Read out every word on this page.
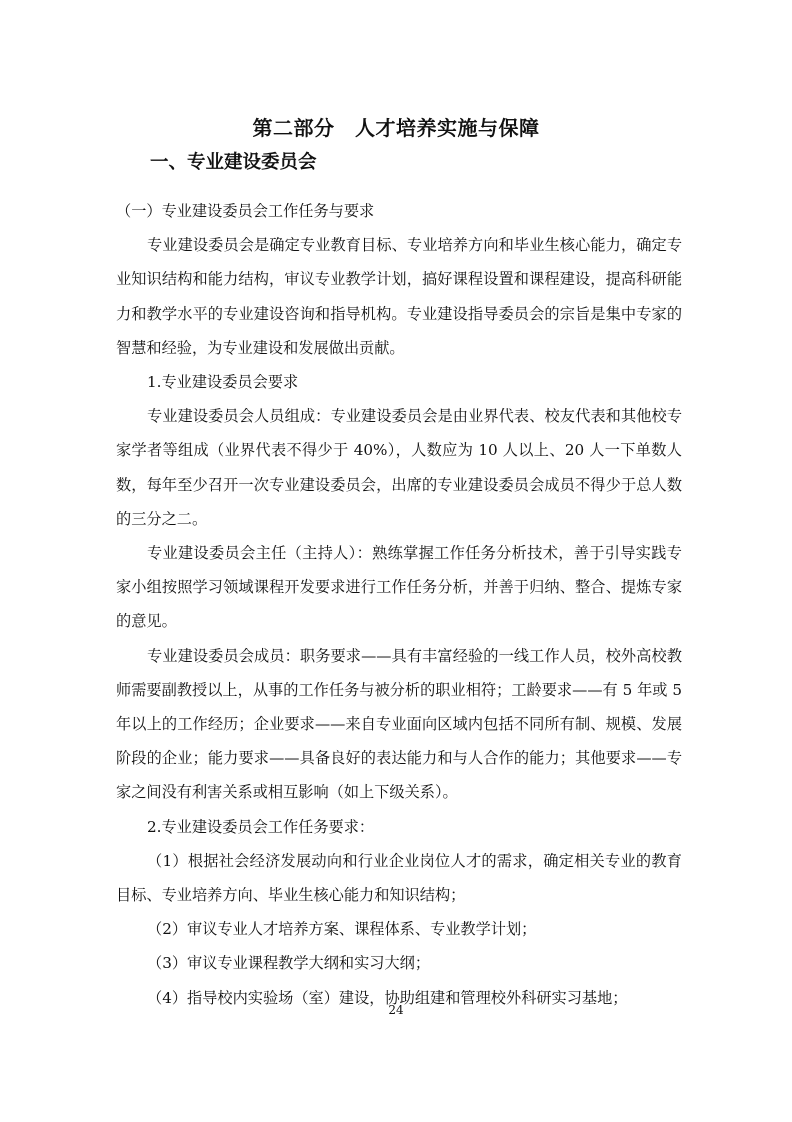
第二部分　人才培养实施与保障
一、专业建设委员会

（一）专业建设委员会工作任务与要求

专业建设委员会是确定专业教育目标、专业培养方向和毕业生核心能力，确定专业知识结构和能力结构，审议专业教学计划，搞好课程设置和课程建设，提高科研能力和教学水平的专业建设咨询和指导机构。专业建设指导委员会的宗旨是集中专家的智慧和经验，为专业建设和发展做出贡献。

1.专业建设委员会要求

专业建设委员会人员组成：专业建设委员会是由业界代表、校友代表和其他校专家学者等组成（业界代表不得少于 40%），人数应为 10 人以上、20 人一下单数人数，每年至少召开一次专业建设委员会，出席的专业建设委员会成员不得少于总人数的三分之二。

专业建设委员会主任（主持人）：熟练掌握工作任务分析技术，善于引导实践专家小组按照学习领域课程开发要求进行工作任务分析，并善于归纳、整合、提炼专家的意见。

专业建设委员会成员：职务要求——具有丰富经验的一线工作人员，校外高校教师需要副教授以上，从事的工作任务与被分析的职业相符；工龄要求——有 5 年或 5 年以上的工作经历；企业要求——来自专业面向区域内包括不同所有制、规模、发展阶段的企业；能力要求——具备良好的表达能力和与人合作的能力；其他要求——专家之间没有利害关系或相互影响（如上下级关系）。

2.专业建设委员会工作任务要求：

（1）根据社会经济发展动向和行业企业岗位人才的需求，确定相关专业的教育目标、专业培养方向、毕业生核心能力和知识结构；

（2）审议专业人才培养方案、课程体系、专业教学计划；

（3）审议专业课程教学大纲和实习大纲；

（4）指导校内实验场（室）建设，协助组建和管理校外科研实习基地；

24
